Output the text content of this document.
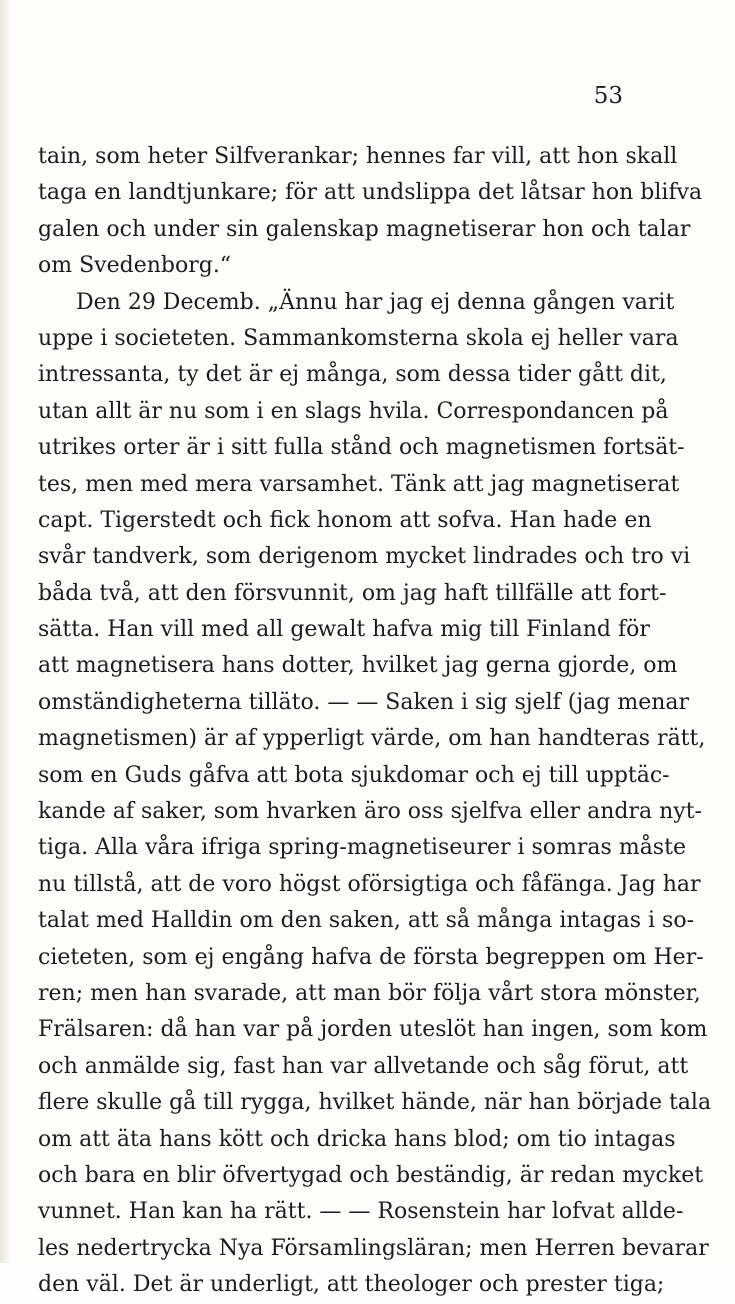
53
tain, som heter Silfverankar; hennes far vill, att hon skall
taga en landtjunkare; för att undslippa det låtsar hon blifva
galen och under sin galenskap magnetiserar hon och talar
om Svedenborg.“
Den 29 Decemb. „Ännu har jag ej denna gången varit
uppe i societeten. Sammankomsterna skola ej heller vara
intressanta, ty det är ej många, som dessa tider gått dit,
utan allt är nu som i en slags hvila. Correspondancen på
utrikes orter är i sitt fulla stånd och magnetismen fortsät-
tes, men med mera varsamhet. Tänk att jag magnetiserat
capt. Tigerstedt och fick honom att sofva. Han hade en
svår tandverk, som derigenom mycket lindrades och tro vi
båda två, att den försvunnit, om jag haft tillfälle att fort-
sätta. Han vill med all gewalt hafva mig till Finland för
att magnetisera hans dotter, hvilket jag gerna gjorde, om
omständigheterna tilläto. — — Saken i sig sjelf (jag menar
magnetismen) är af ypperligt värde, om han handteras rätt,
som en Guds gåfva att bota sjukdomar och ej till upptäc-
kande af saker, som hvarken äro oss sjelfva eller andra nyt-
tiga. Alla våra ifriga spring-magnetiseurer i somras måste
nu tillstå, att de voro högst oförsigtiga och fåfänga. Jag har
talat med Halldin om den saken, att så många intagas i so-
cieteten, som ej engång hafva de första begreppen om Her-
ren; men han svarade, att man bör följa vårt stora mönster,
Frälsaren: då han var på jorden uteslöt han ingen, som kom
och anmälde sig, fast han var allvetande och såg förut, att
flere skulle gå till rygga, hvilket hände, när han började tala
om att äta hans kött och dricka hans blod; om tio intagas
och bara en blir öfvertygad och beständig, är redan mycket
vunnet. Han kan ha rätt. — — Rosenstein har lofvat allde-
les nedertrycka Nya Församlingsläran; men Herren bevarar
den väl. Det är underligt, att theologer och prester tiga;
